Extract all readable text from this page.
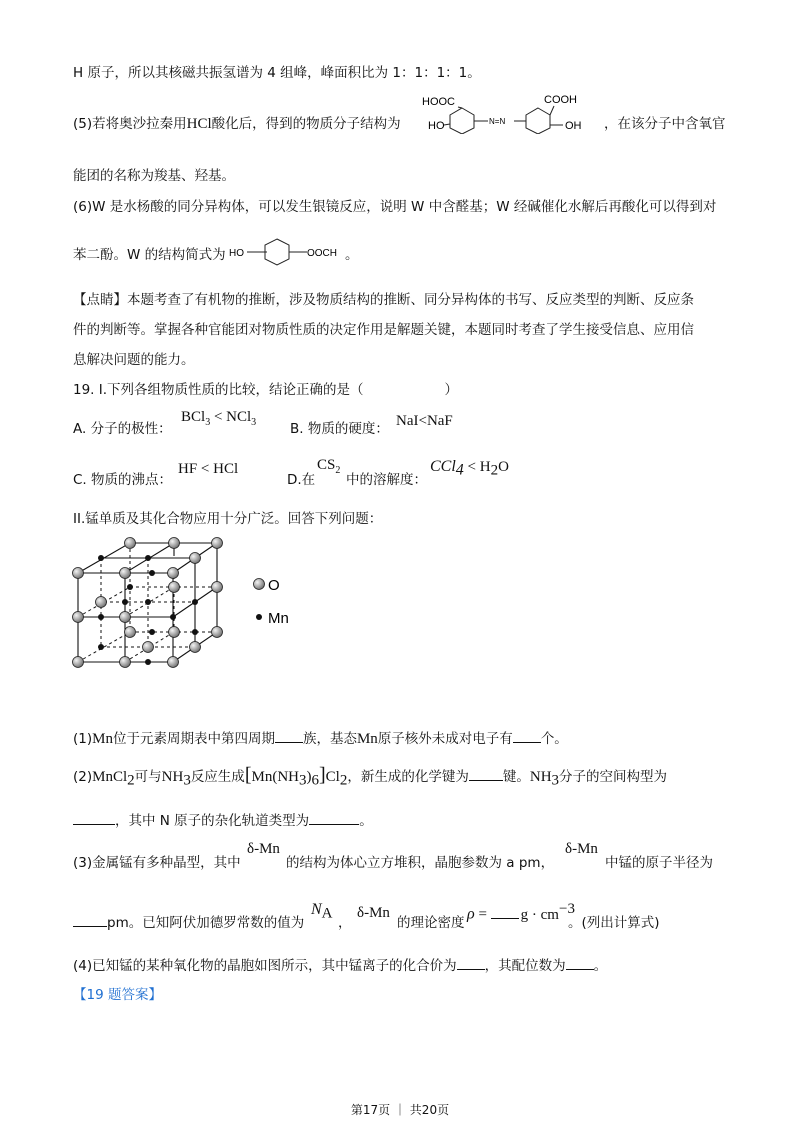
H 原子，所以其核磁共振氢谱为 4 组峰，峰面积比为 1：1：1：1。
(5)若将奥沙拉秦用HCl酸化后，得到的物质分子结构为
HOOC	COOH
HO	OH
N=N	，在该分子中含氧官
能团的名称为羧基、羟基。
(6)W 是水杨酸的同分异构体，可以发生银镜反应，说明 W 中含醛基；W 经碱催化水解后再酸化可以得到对
苯二酚。W 的结构简式为 HO	OOCH 。
【点睛】本题考查了有机物的推断，涉及物质结构的推断、同分异构体的书写、反应类型的判断、反应条
件的判断等。掌握各种官能团对物质性质的决定作用是解题关键，本题同时考查了学生接受信息、应用信
息解决问题的能力。
19. I.下列各组物质性质的比较，结论正确的是（　　　　　　）
A. 分子的极性：
BCl$_3$ < NCl$_3$	B. 物质的硬度： NaI<NaF
C. 物质的沸点：
HF < HCl
D.在
$CS_2$
中的溶解度：
$CCl_4 < H_2O$
II.锰单质及其化合物应用十分广泛。回答下列问题：
O
Mn
(1)Mn位于元素周期表中第四周期 族，基态Mn原子核外未成对电子有 个。
(2)MnCl$_2$可与$NH_3$反应生成$[Mn(NH_3)_6]Cl_2$，新生成的化学键为	键。$NH_3$分子的空间构型为
，其中 N 原子的杂化轨道类型为	。
(3)金属锰有多种晶型，其中
δ-Mn
的结构为体心立方堆积，晶胞参数为 a pm，
δ-Mn
中锰的原子半径为
pm。已知阿伏加德罗常数的值为
$N_A$
，
δ-Mn
的理论密度
$\rho = g \cdot cm^{-3}$
。(列出计算式)
(4)已知锰的某种氧化物的晶胞如图所示，其中锰离子的化合价为 ，其配位数为 。
【19 题答案】
第17页 ｜ 共20页
